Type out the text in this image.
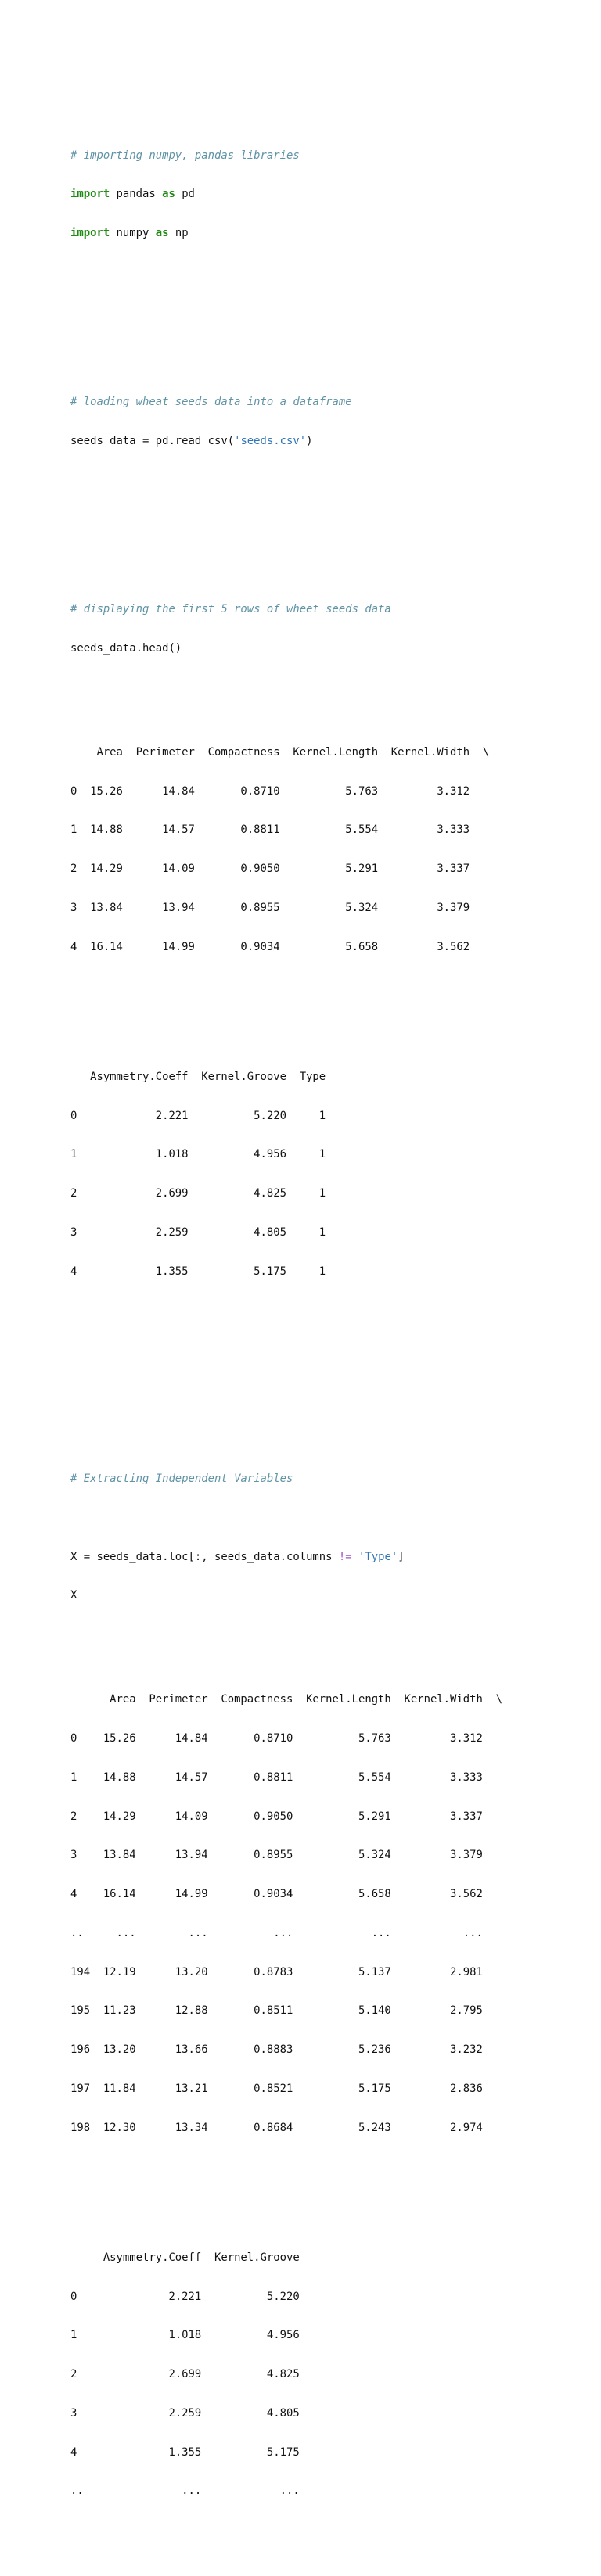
# importing numpy, pandas libraries

import pandas as pd

import numpy as np

# loading wheat seeds data into a dataframe

seeds_data = pd.read_csv('seeds.csv')

# displaying the first 5 rows of wheet seeds data

seeds_data.head()

Area  Perimeter  Compactness  Kernel.Length  Kernel.Width  \

0  15.26      14.84       0.8710          5.763         3.312

1  14.88      14.57       0.8811          5.554         3.333

2  14.29      14.09       0.9050          5.291         3.337

3  13.84      13.94       0.8955          5.324         3.379

4  16.14      14.99       0.9034          5.658         3.562

Asymmetry.Coeff  Kernel.Groove  Type

0            2.221          5.220     1

1            1.018          4.956     1

2            2.699          4.825     1

3            2.259          4.805     1

4            1.355          5.175     1

# Extracting Independent Variables

X = seeds_data.loc[:, seeds_data.columns != 'Type']

X

Area  Perimeter  Compactness  Kernel.Length  Kernel.Width  \

0    15.26      14.84       0.8710          5.763         3.312

1    14.88      14.57       0.8811          5.554         3.333

2    14.29      14.09       0.9050          5.291         3.337

3    13.84      13.94       0.8955          5.324         3.379

4    16.14      14.99       0.9034          5.658         3.562

..     ...        ...          ...            ...           ...

194  12.19      13.20       0.8783          5.137         2.981

195  11.23      12.88       0.8511          5.140         2.795

196  13.20      13.66       0.8883          5.236         3.232

197  11.84      13.21       0.8521          5.175         2.836

198  12.30      13.34       0.8684          5.243         2.974

Asymmetry.Coeff  Kernel.Groove

0              2.221          5.220

1              1.018          4.956

2              2.699          4.825

3              2.259          4.805

4              1.355          5.175

..               ...            ...
